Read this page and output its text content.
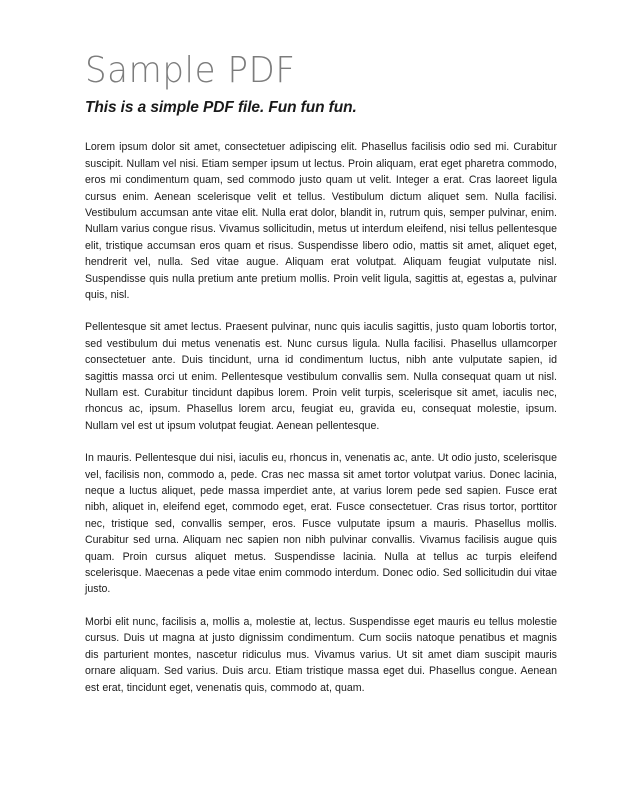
Sample PDF
This is a simple PDF file. Fun fun fun.

Lorem ipsum dolor sit amet, consectetuer adipiscing elit. Phasellus facilisis odio sed mi. Curabitur suscipit. Nullam vel nisi. Etiam semper ipsum ut lectus. Proin aliquam, erat eget pharetra commodo, eros mi condimentum quam, sed commodo justo quam ut velit. Integer a erat. Cras laoreet ligula cursus enim. Aenean scelerisque velit et tellus. Vestibulum dictum aliquet sem. Nulla facilisi. Vestibulum accumsan ante vitae elit. Nulla erat dolor, blandit in, rutrum quis, semper pulvinar, enim. Nullam varius congue risus. Vivamus sollicitudin, metus ut interdum eleifend, nisi tellus pellentesque elit, tristique accumsan eros quam et risus. Suspendisse libero odio, mattis sit amet, aliquet eget, hendrerit vel, nulla. Sed vitae augue. Aliquam erat volutpat. Aliquam feugiat vulputate nisl. Suspendisse quis nulla pretium ante pretium mollis. Proin velit ligula, sagittis at, egestas a, pulvinar quis, nisl.

Pellentesque sit amet lectus. Praesent pulvinar, nunc quis iaculis sagittis, justo quam lobortis tortor, sed vestibulum dui metus venenatis est. Nunc cursus ligula. Nulla facilisi. Phasellus ullamcorper consectetuer ante. Duis tincidunt, urna id condimentum luctus, nibh ante vulputate sapien, id sagittis massa orci ut enim. Pellentesque vestibulum convallis sem. Nulla consequat quam ut nisl. Nullam est. Curabitur tincidunt dapibus lorem. Proin velit turpis, scelerisque sit amet, iaculis nec, rhoncus ac, ipsum. Phasellus lorem arcu, feugiat eu, gravida eu, consequat molestie, ipsum. Nullam vel est ut ipsum volutpat feugiat. Aenean pellentesque.

In mauris. Pellentesque dui nisi, iaculis eu, rhoncus in, venenatis ac, ante. Ut odio justo, scelerisque vel, facilisis non, commodo a, pede. Cras nec massa sit amet tortor volutpat varius. Donec lacinia, neque a luctus aliquet, pede massa imperdiet ante, at varius lorem pede sed sapien. Fusce erat nibh, aliquet in, eleifend eget, commodo eget, erat. Fusce consectetuer. Cras risus tortor, porttitor nec, tristique sed, convallis semper, eros. Fusce vulputate ipsum a mauris. Phasellus mollis. Curabitur sed urna. Aliquam nec sapien non nibh pulvinar convallis. Vivamus facilisis augue quis quam. Proin cursus aliquet metus. Suspendisse lacinia. Nulla at tellus ac turpis eleifend scelerisque. Maecenas a pede vitae enim commodo interdum. Donec odio. Sed sollicitudin dui vitae justo.

Morbi elit nunc, facilisis a, mollis a, molestie at, lectus. Suspendisse eget mauris eu tellus molestie cursus. Duis ut magna at justo dignissim condimentum. Cum sociis natoque penatibus et magnis dis parturient montes, nascetur ridiculus mus. Vivamus varius. Ut sit amet diam suscipit mauris ornare aliquam. Sed varius. Duis arcu. Etiam tristique massa eget dui. Phasellus congue. Aenean est erat, tincidunt eget, venenatis quis, commodo at, quam.
